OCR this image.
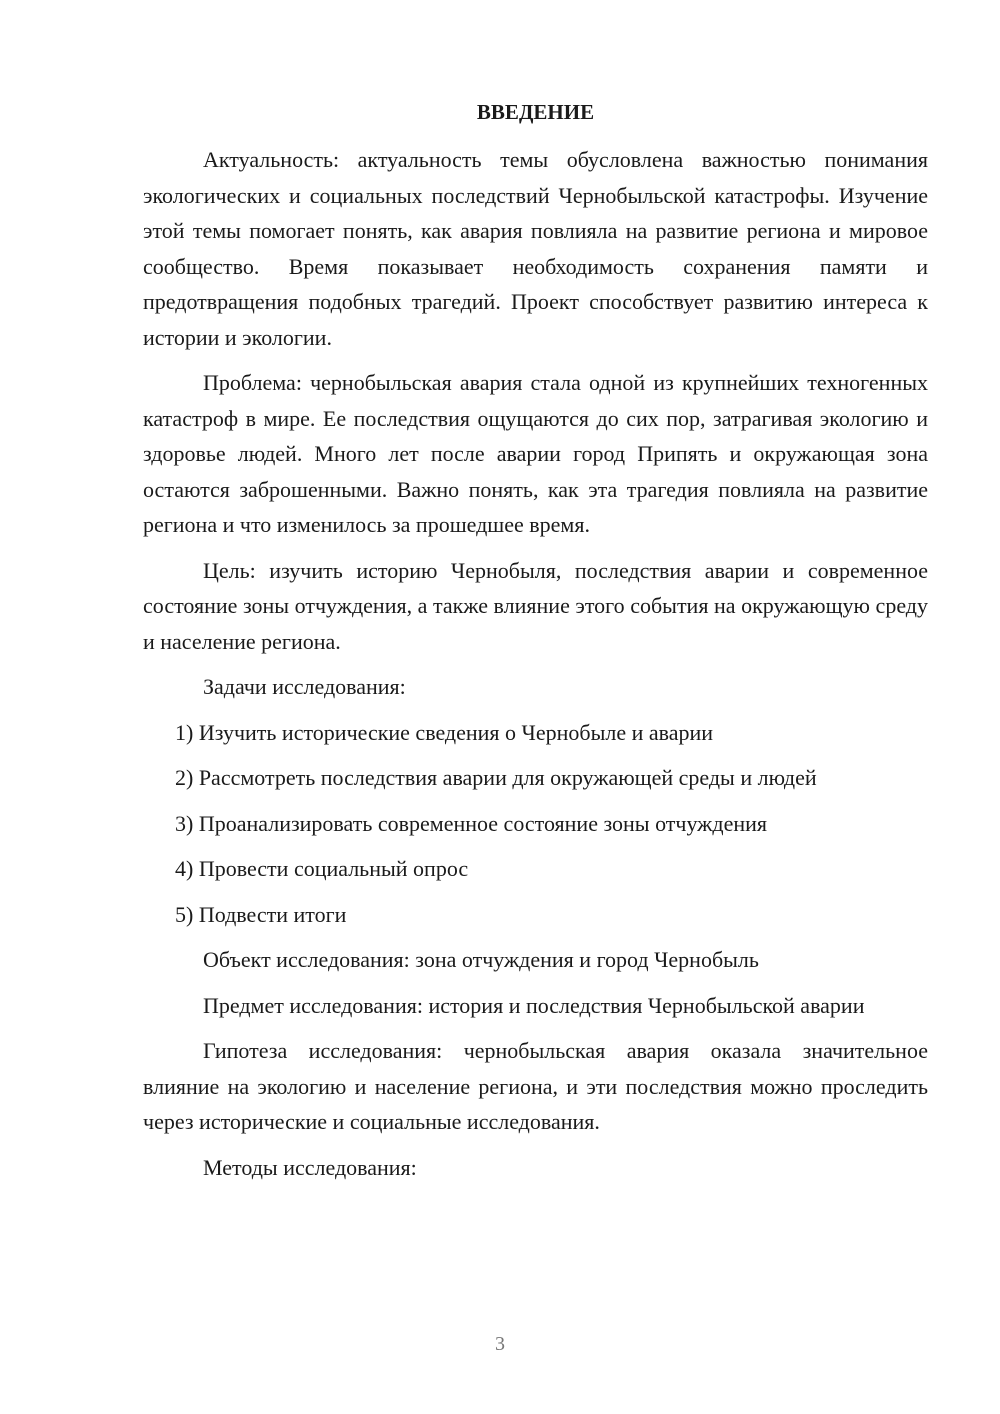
ВВЕДЕНИЕ

Актуальность: актуальность темы обусловлена важностью понимания экологических и социальных последствий Чернобыльской катастрофы. Изучение этой темы помогает понять, как авария повлияла на развитие региона и мировое сообщество. Время показывает необходимость сохранения памяти и предотвращения подобных трагедий. Проект способствует развитию интереса к истории и экологии.

Проблема: чернобыльская авария стала одной из крупнейших техногенных катастроф в мире. Ее последствия ощущаются до сих пор, затрагивая экологию и здоровье людей. Много лет после аварии город Припять и окружающая зона остаются заброшенными. Важно понять, как эта трагедия повлияла на развитие региона и что изменилось за прошедшее время.

Цель: изучить историю Чернобыля, последствия аварии и современное состояние зоны отчуждения, а также влияние этого события на окружающую среду и население региона.

Задачи исследования:

1) Изучить исторические сведения о Чернобыле и аварии

2) Рассмотреть последствия аварии для окружающей среды и людей

3) Проанализировать современное состояние зоны отчуждения

4) Провести социальный опрос

5) Подвести итоги

Объект исследования: зона отчуждения и город Чернобыль

Предмет исследования: история и последствия Чернобыльской аварии

Гипотеза исследования: чернобыльская авария оказала значительное влияние на экологию и население региона, и эти последствия можно проследить через исторические и социальные исследования.

Методы исследования:

3
